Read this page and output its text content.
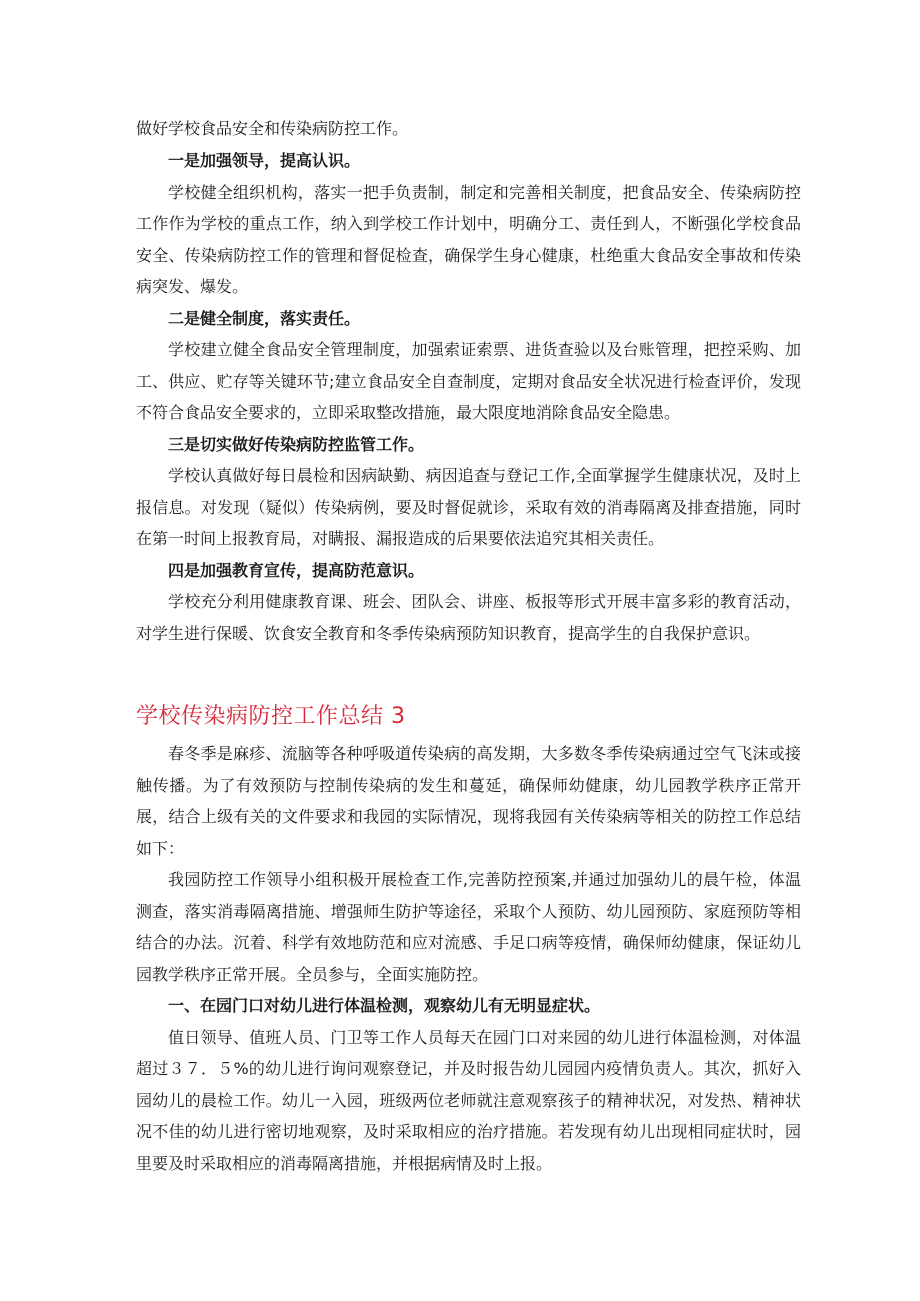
做好学校食品安全和传染病防控工作。

一是加强领导，提高认识。

学校健全组织机构，落实一把手负责制，制定和完善相关制度，把食品安全、传染病防控工作作为学校的重点工作，纳入到学校工作计划中，明确分工、责任到人，不断强化学校食品安全、传染病防控工作的管理和督促检查，确保学生身心健康，杜绝重大食品安全事故和传染病突发、爆发。

二是健全制度，落实责任。

学校建立健全食品安全管理制度，加强索证索票、进货查验以及台账管理，把控采购、加工、供应、贮存等关键环节;建立食品安全自查制度，定期对食品安全状况进行检查评价，发现不符合食品安全要求的，立即采取整改措施，最大限度地消除食品安全隐患。

三是切实做好传染病防控监管工作。

学校认真做好每日晨检和因病缺勤、病因追查与登记工作,全面掌握学生健康状况，及时上报信息。对发现（疑似）传染病例，要及时督促就诊，采取有效的消毒隔离及排查措施，同时在第一时间上报教育局，对瞒报、漏报造成的后果要依法追究其相关责任。

四是加强教育宣传，提高防范意识。

学校充分利用健康教育课、班会、团队会、讲座、板报等形式开展丰富多彩的教育活动，对学生进行保暖、饮食安全教育和冬季传染病预防知识教育，提高学生的自我保护意识。

学校传染病防控工作总结 3

春冬季是麻疹、流脑等各种呼吸道传染病的高发期，大多数冬季传染病通过空气飞沫或接触传播。为了有效预防与控制传染病的发生和蔓延，确保师幼健康，幼儿园教学秩序正常开展，结合上级有关的文件要求和我园的实际情况，现将我园有关传染病等相关的防控工作总结如下：

我园防控工作领导小组积极开展检查工作,完善防控预案,并通过加强幼儿的晨午检，体温测查，落实消毒隔离措施、增强师生防护等途径，采取个人预防、幼儿园预防、家庭预防等相结合的办法。沉着、科学有效地防范和应对流感、手足口病等疫情，确保师幼健康，保证幼儿园教学秩序正常开展。全员参与，全面实施防控。

一、在园门口对幼儿进行体温检测，观察幼儿有无明显症状。

值日领导、值班人员、门卫等工作人员每天在园门口对来园的幼儿进行体温检测，对体温超过３７．５%的幼儿进行询问观察登记，并及时报告幼儿园园内疫情负责人。其次，抓好入园幼儿的晨检工作。幼儿一入园，班级两位老师就注意观察孩子的精神状况，对发热、精神状况不佳的幼儿进行密切地观察，及时采取相应的治疗措施。若发现有幼儿出现相同症状时，园里要及时采取相应的消毒隔离措施，并根据病情及时上报。
